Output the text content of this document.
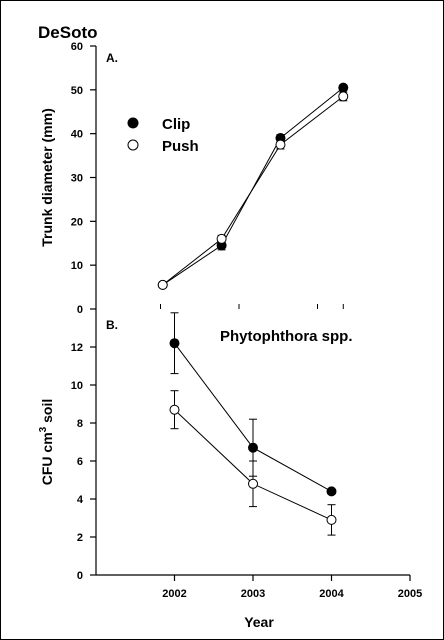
DeSoto
0
10
20
30
40
50
60
Trunk diameter (mm)
A.
Clip
Push
0
2
4
6
8
10
12
2002	2003	2004	2005
Year
CFU $cm^3$ soil
B.
Phytophthora spp.
